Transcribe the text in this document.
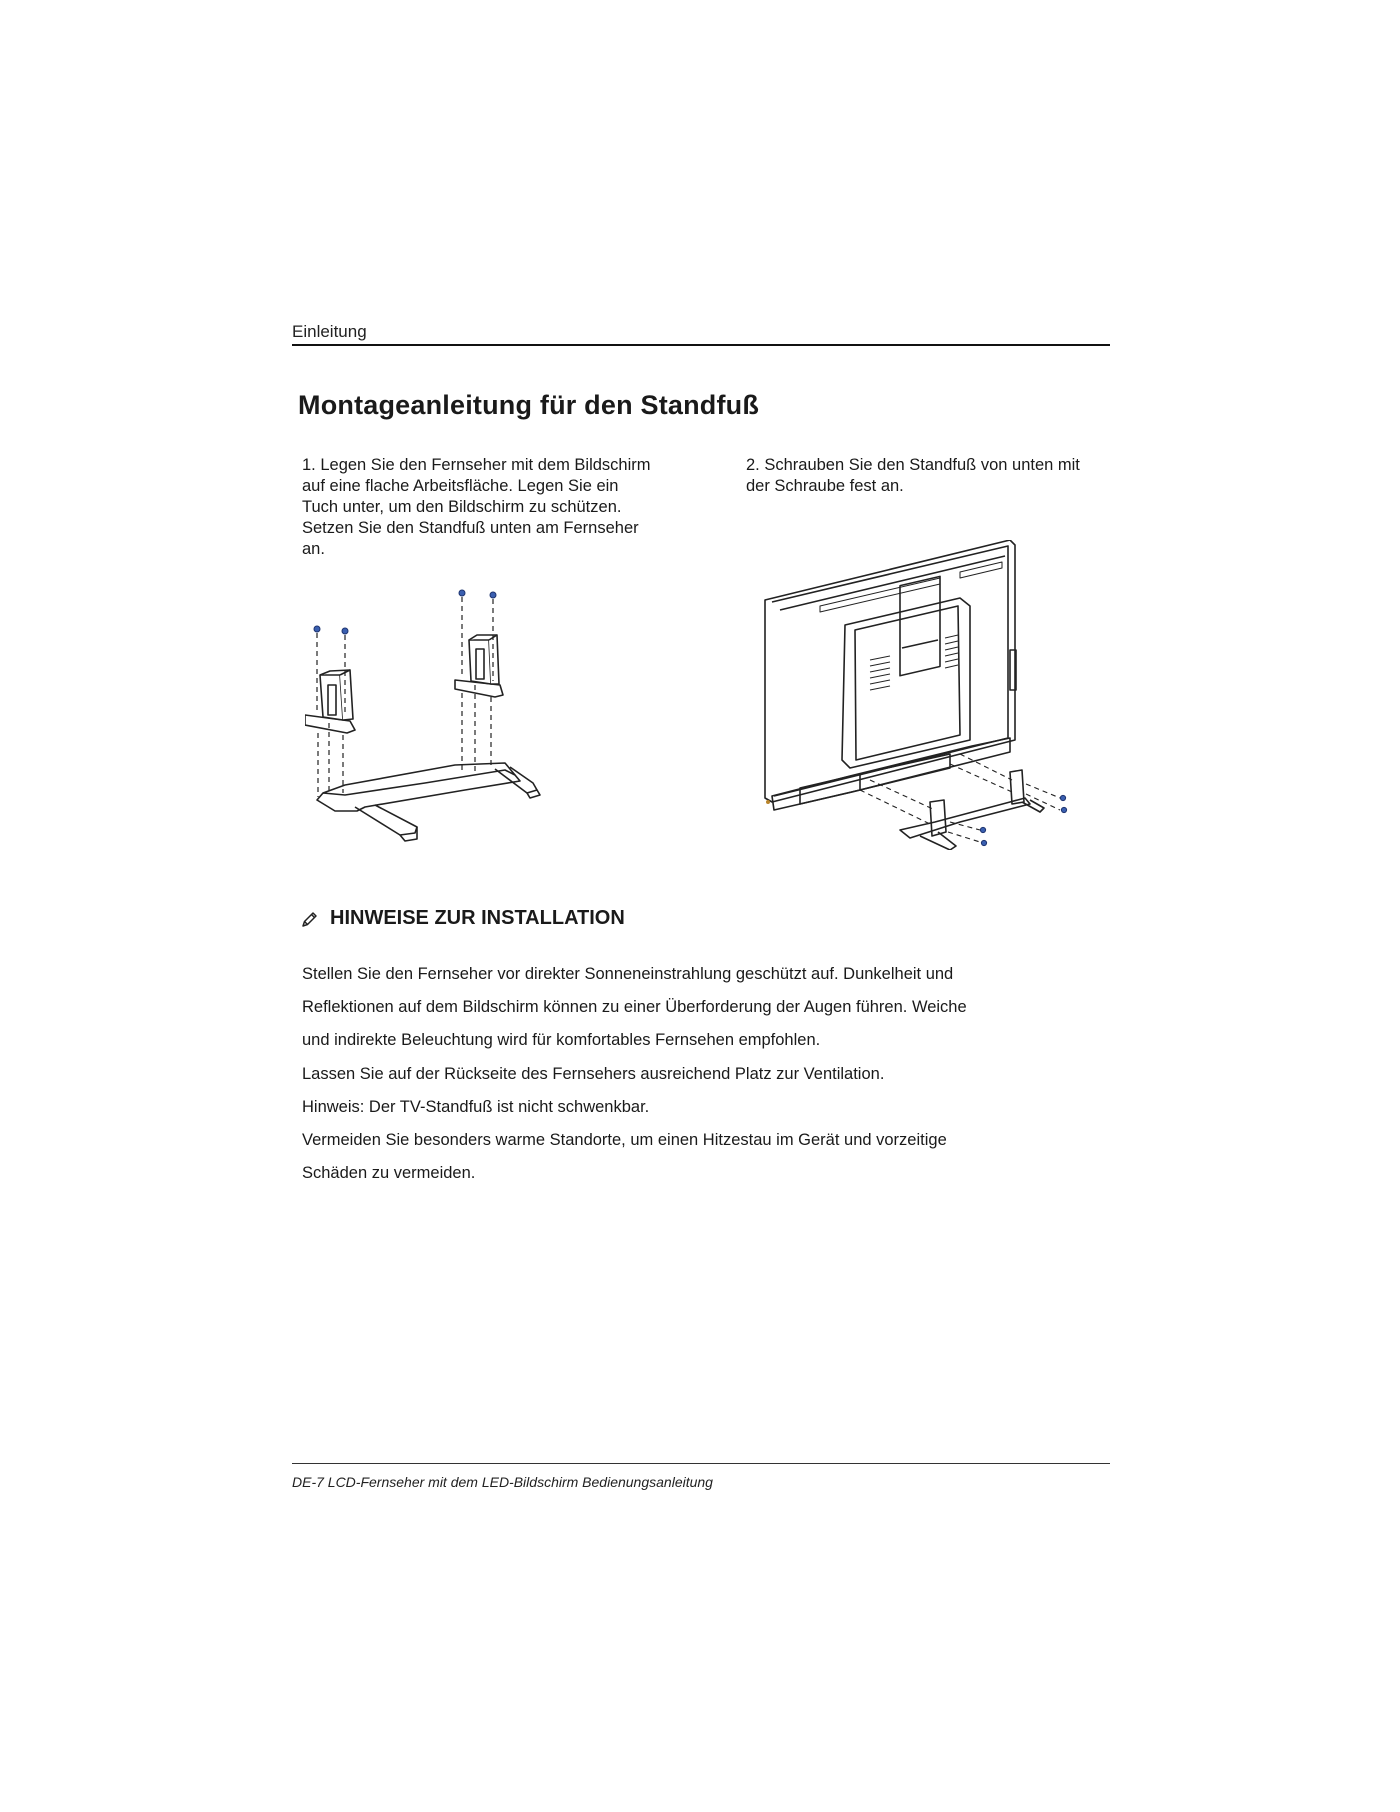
Einleitung
Montageanleitung für den Standfuß
1. Legen Sie den Fernseher mit dem Bildschirm
auf eine flache Arbeitsfläche. Legen Sie ein
Tuch unter, um den Bildschirm zu schützen.
Setzen Sie den Standfuß unten am Fernseher
an.
2. Schrauben Sie den Standfuß von unten mit
der Schraube fest an.
HINWEISE ZUR INSTALLATION

Stellen Sie den Fernseher vor direkter Sonneneinstrahlung geschützt auf. Dunkelheit und

Reflektionen auf dem Bildschirm können zu einer Überforderung der Augen führen. Weiche

und indirekte Beleuchtung wird für komfortables Fernsehen empfohlen.

Lassen Sie auf der Rückseite des Fernsehers ausreichend Platz zur Ventilation.

Hinweis: Der TV-Standfuß ist nicht schwenkbar.

Vermeiden Sie besonders warme Standorte, um einen Hitzestau im Gerät und vorzeitige

Schäden zu vermeiden.

DE-7 LCD-Fernseher mit dem LED-Bildschirm Bedienungsanleitung
